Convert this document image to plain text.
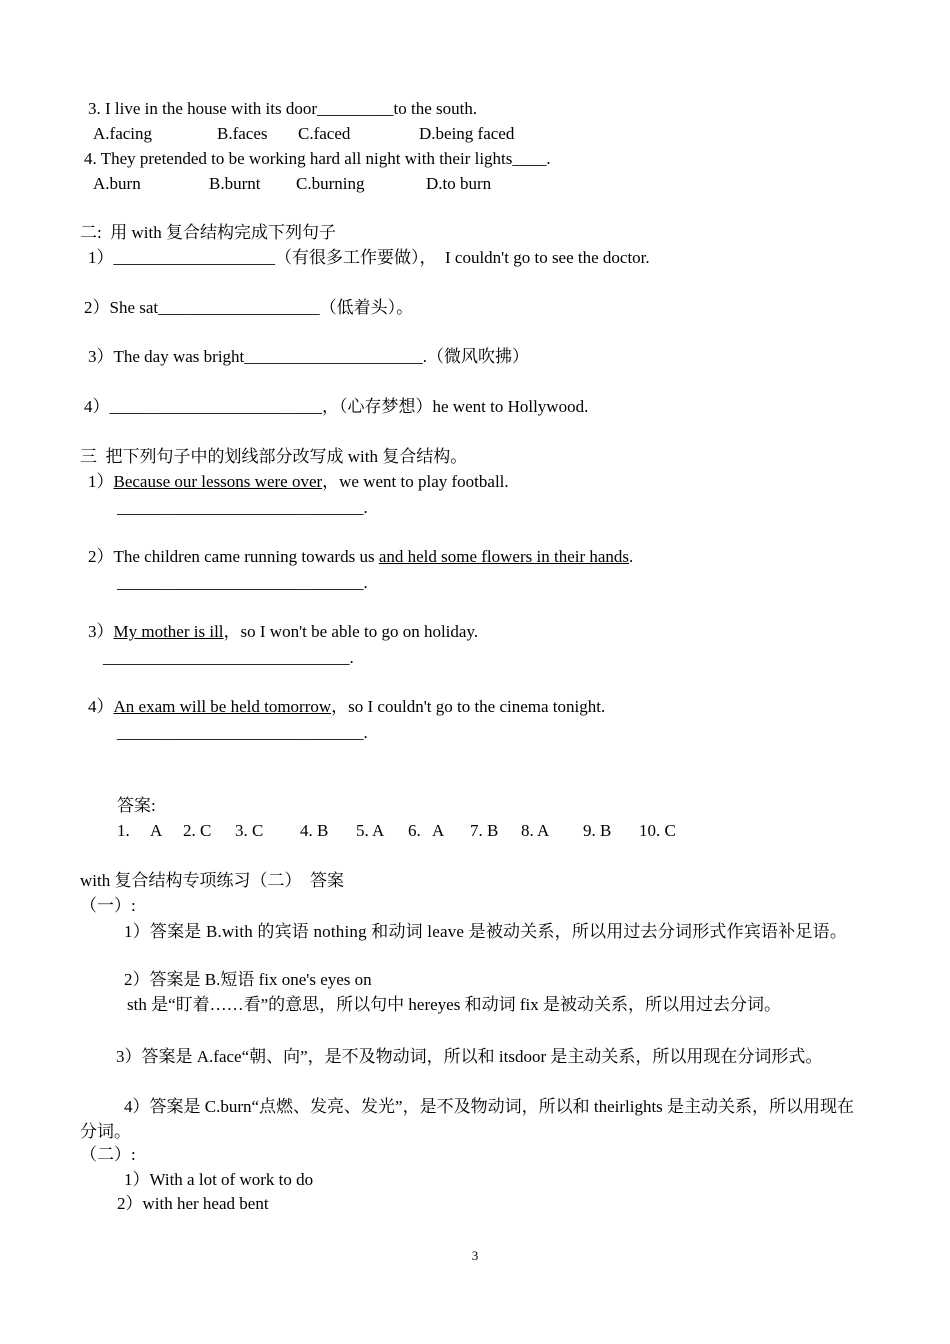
3. I live in the house with its door_________to the south.
A.facing	B.faces C.faced	D.being faced
4. They pretended to be working hard all night with their lights____.
A.burn	B.burnt C.burning	D.to burn
二:  用 with 复合结构完成下列句子
1）___________________（有很多工作要做），  I couldn't go to see the doctor.
2）She sat___________________（低着头）。
3）The day was bright_____________________.（微风吹拂）
4）_________________________，（心存梦想）he went to Hollywood.
三  把下列句子中的划线部分改写成 with 复合结构。
1）Because our lessons were over，we went to play football.
_____________________________.
2）The children came running towards us and held some flowers in their hands.
_____________________________.
3）My mother is ill，so I won't be able to go on holiday.
_____________________________.
4）An exam will be held tomorrow，so I couldn't go to the cinema tonight.
_____________________________.
答案:
1. A 2. C 3. C 4. B 5. A 6. A 7. B 8. A 9. B 10. C
with 复合结构专项练习（二）  答案
（一）:
1）答案是 B.with 的宾语 nothing 和动词 leave 是被动关系，所以用过去分词形式作宾语补足语。
2）答案是 B.短语 fix one's eyes on
sth 是“盯着……看”的意思，所以句中 hereyes 和动词 fix 是被动关系，所以用过去分词。
3）答案是 A.face“朝、向”，是不及物动词，所以和 itsdoor 是主动关系，所以用现在分词形式。
4）答案是 C.burn“点燃、发亮、发光”，是不及物动词，所以和 theirlights 是主动关系，所以用现在分词。
（二）:
1）With a lot of work to do
2）with her head bent
3
